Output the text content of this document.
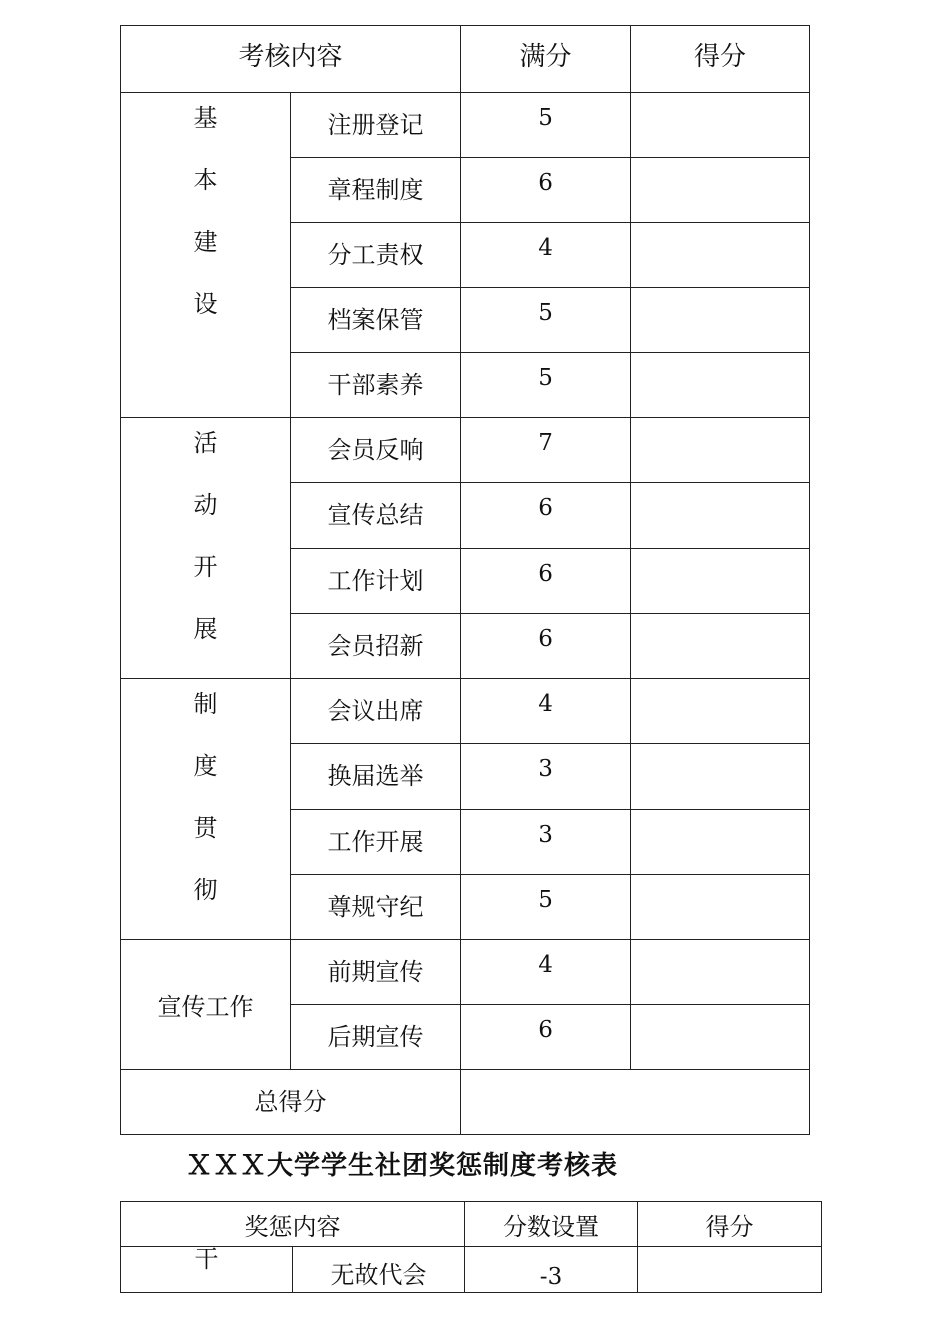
考核内容		满分	得分

基
本
建
设	注册登记	5	
	章程制度	6	
	分工责权	4	
	档案保管	5	
	干部素养	5	

活
动
开
展	会员反响	7	
	宣传总结	6	
	工作计划	6	
	会员招新	6	

制
度
贯
彻	会议出席	4	
	换届选举	3	
	工作开展	3	
	尊规守纪	5	
宣传工作	前期宣传	4	
	后期宣传	6	
总得分			
ＸＸＸ大学学生社团奖惩制度考核表
奖惩内容		分数设置	得分
干	无故代会	-3	
